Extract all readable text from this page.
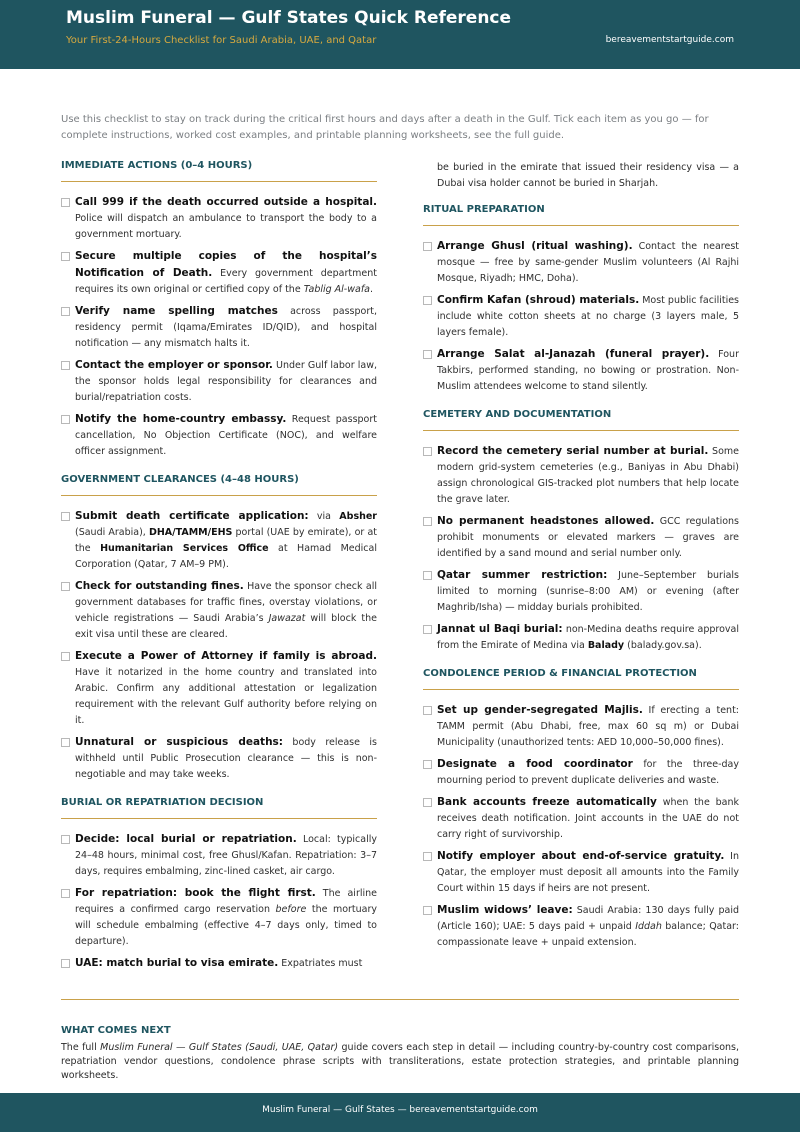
Muslim Funeral — Gulf States Quick Reference
Your First-24-Hours Checklist for Saudi Arabia, UAE, and Qatar	bereavementstartguide.com
Use this checklist to stay on track during the critical first hours and days after a death in the Gulf. Tick each item as you go — for complete instructions, worked cost examples, and printable planning worksheets, see the full guide.
IMMEDIATE ACTIONS (0–4 HOURS)
Call 999 if the death occurred outside a hospital. Police will dispatch an ambulance to transport the body to a government mortuary.
Secure multiple copies of the hospital’s Notification of Death. Every government department requires its own original or certified copy of the Tablig Al-wafa.
Verify name spelling matches across passport, residency permit (Iqama/Emirates ID/QID), and hospital notification — any mismatch halts it.
Contact the employer or sponsor. Under Gulf labor law, the sponsor holds legal responsibility for clearances and burial/repatriation costs.
Notify the home-country embassy. Request passport cancellation, No Objection Certificate (NOC), and welfare officer assignment.
GOVERNMENT CLEARANCES (4–48 HOURS)
Submit death certificate application: via Absher (Saudi Arabia), DHA/TAMM/EHS portal (UAE by emirate), or at the Humanitarian Services Office at Hamad Medical Corporation (Qatar, 7 AM–9 PM).
Check for outstanding fines. Have the sponsor check all government databases for traffic fines, overstay violations, or vehicle registrations — Saudi Arabia’s Jawazat will block the exit visa until these are cleared.
Execute a Power of Attorney if family is abroad. Have it notarized in the home country and translated into Arabic. Confirm any additional attestation or legalization requirement with the relevant Gulf authority before relying on it.
Unnatural or suspicious deaths: body release is withheld until Public Prosecution clearance — this is non-negotiable and may take weeks.
BURIAL OR REPATRIATION DECISION
Decide: local burial or repatriation. Local: typically 24–48 hours, minimal cost, free Ghusl/Kafan. Repatriation: 3–7 days, requires embalming, zinc-lined casket, air cargo.
For repatriation: book the flight first. The airline requires a confirmed cargo reservation before the mortuary will schedule embalming (effective 4–7 days only, timed to departure).
UAE: match burial to visa emirate. Expatriates must
be buried in the emirate that issued their residency visa — a Dubai visa holder cannot be buried in Sharjah.
RITUAL PREPARATION
Arrange Ghusl (ritual washing). Contact the nearest mosque — free by same-gender Muslim volunteers (Al Rajhi Mosque, Riyadh; HMC, Doha).
Confirm Kafan (shroud) materials. Most public facilities include white cotton sheets at no charge (3 layers male, 5 layers female).
Arrange Salat al-Janazah (funeral prayer). Four Takbirs, performed standing, no bowing or prostration. Non-Muslim attendees welcome to stand silently.
CEMETERY AND DOCUMENTATION
Record the cemetery serial number at burial. Some modern grid-system cemeteries (e.g., Baniyas in Abu Dhabi) assign chronological GIS-tracked plot numbers that help locate the grave later.
No permanent headstones allowed. GCC regulations prohibit monuments or elevated markers — graves are identified by a sand mound and serial number only.
Qatar summer restriction: June–September burials limited to morning (sunrise–8:00 AM) or evening (after Maghrib/Isha) — midday burials prohibited.
Jannat ul Baqi burial: non-Medina deaths require approval from the Emirate of Medina via Balady (balady.gov.sa).
CONDOLENCE PERIOD & FINANCIAL PROTECTION
Set up gender-segregated Majlis. If erecting a tent: TAMM permit (Abu Dhabi, free, max 60 sq m) or Dubai Municipality (unauthorized tents: AED 10,000–50,000 fines).
Designate a food coordinator for the three-day mourning period to prevent duplicate deliveries and waste.
Bank accounts freeze automatically when the bank receives death notification. Joint accounts in the UAE do not carry right of survivorship.
Notify employer about end-of-service gratuity. In Qatar, the employer must deposit all amounts into the Family Court within 15 days if heirs are not present.
Muslim widows’ leave: Saudi Arabia: 130 days fully paid (Article 160); UAE: 5 days paid + unpaid Iddah balance; Qatar: compassionate leave + unpaid extension.
WHAT COMES NEXT
The full Muslim Funeral — Gulf States (Saudi, UAE, Qatar) guide covers each step in detail — including country-by-country cost comparisons, repatriation vendor questions, condolence phrase scripts with transliterations, estate protection strategies, and printable planning worksheets.
Muslim Funeral — Gulf States — bereavementstartguide.com
